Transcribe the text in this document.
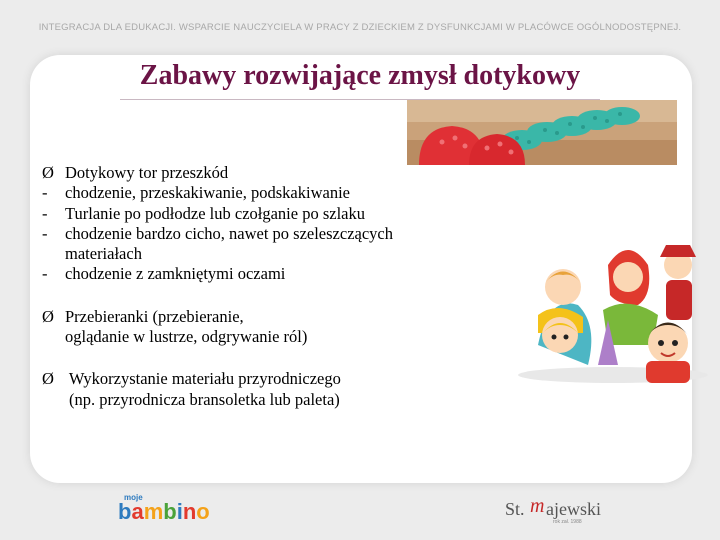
INTEGRACJA DLA EDUKACJI. WSPARCIE NAUCZYCIELA W PRACY Z DZIECKIEM Z DYSFUNKCJAMI W PLACÓWCE OGÓLNODOSTĘPNEJ.
Zabawy rozwijające zmysł dotykowy
Ø Dotykowy tor przeszkód
-	chodzenie, przeskakiwanie, podskakiwanie
-	Turlanie po podłodze lub czołganie po szlaku
-	chodzenie bardzo cicho, nawet po szeleszczących
materiałach
-	chodzenie z zamkniętymi oczami
Ø Przebieranki (przebieranie,
oglądanie w lustrze, odgrywanie ról)
Ø Wykorzystanie materiału przyrodniczego
(np. przyrodnicza bransoletka lub paleta)
moje
bambino	St. m ajewski
rok zał. 1988
